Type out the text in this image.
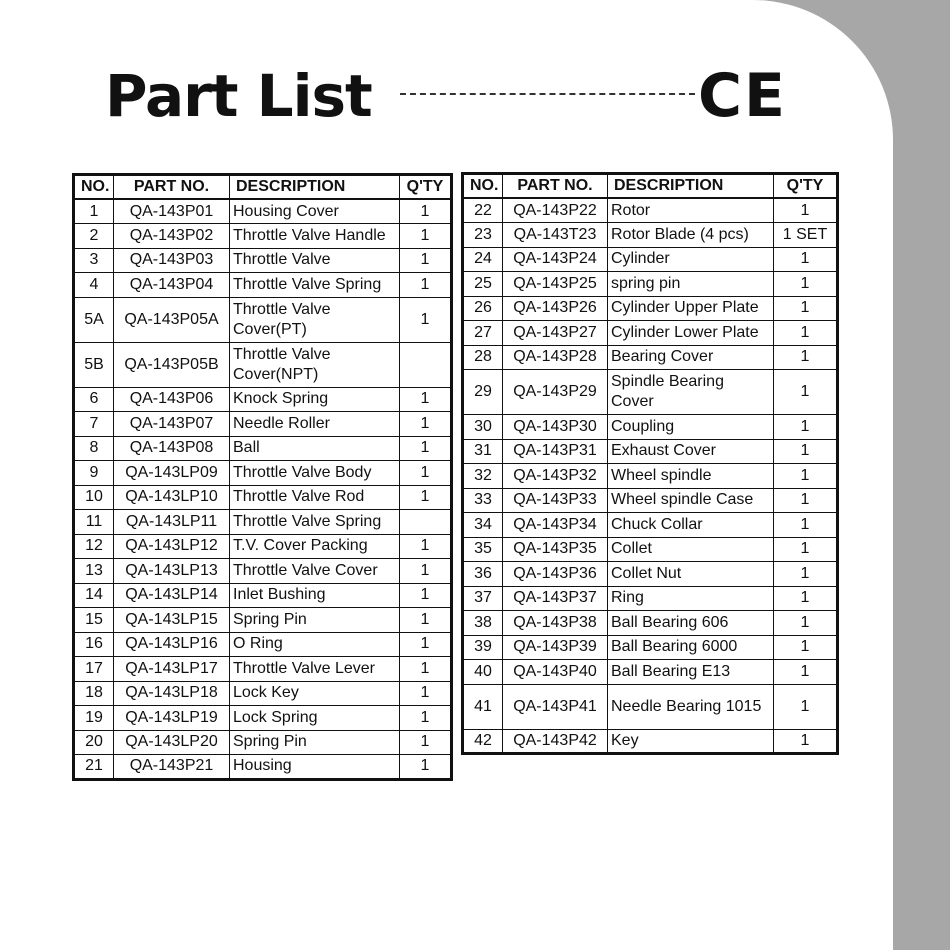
Part List	CE
NO.	PART NO.	DESCRIPTION	Q'TY
1	QA-143P01	Housing Cover	1
2	QA-143P02	Throttle Valve Handle	1
3	QA-143P03	Throttle Valve	1
4	QA-143P04	Throttle Valve Spring	1
5A	QA-143P05A	Throttle Valve Cover(PT)	1
5B	QA-143P05B	Throttle Valve Cover(NPT)	
6	QA-143P06	Knock Spring	1
7	QA-143P07	Needle Roller	1
8	QA-143P08	Ball	1
9	QA-143LP09	Throttle Valve Body	1
10	QA-143LP10	Throttle Valve Rod	1
11	QA-143LP11	Throttle Valve Spring	
12	QA-143LP12	T.V. Cover Packing	1
13	QA-143LP13	Throttle Valve Cover	1
14	QA-143LP14	Inlet Bushing	1
15	QA-143LP15	Spring Pin	1
16	QA-143LP16	O Ring	1
17	QA-143LP17	Throttle Valve Lever	1
18	QA-143LP18	Lock Key	1
19	QA-143LP19	Lock Spring	1
20	QA-143LP20	Spring Pin	1
21	QA-143P21	Housing	1
NO.	PART NO.	DESCRIPTION	Q'TY
22	QA-143P22	Rotor	1
23	QA-143T23	Rotor Blade (4 pcs)	1 SET
24	QA-143P24	Cylinder	1
25	QA-143P25	spring pin	1
26	QA-143P26	Cylinder Upper Plate	1
27	QA-143P27	Cylinder Lower Plate	1
28	QA-143P28	Bearing Cover	1
29	QA-143P29	Spindle Bearing Cover	1
30	QA-143P30	Coupling	1
31	QA-143P31	Exhaust Cover	1
32	QA-143P32	Wheel spindle	1
33	QA-143P33	Wheel spindle Case	1
34	QA-143P34	Chuck Collar	1
35	QA-143P35	Collet	1
36	QA-143P36	Collet Nut	1
37	QA-143P37	Ring	1
38	QA-143P38	Ball Bearing 606	1
39	QA-143P39	Ball Bearing 6000	1
40	QA-143P40	Ball Bearing E13	1
41	QA-143P41	Needle Bearing 1015	1
42	QA-143P42	Key	1
